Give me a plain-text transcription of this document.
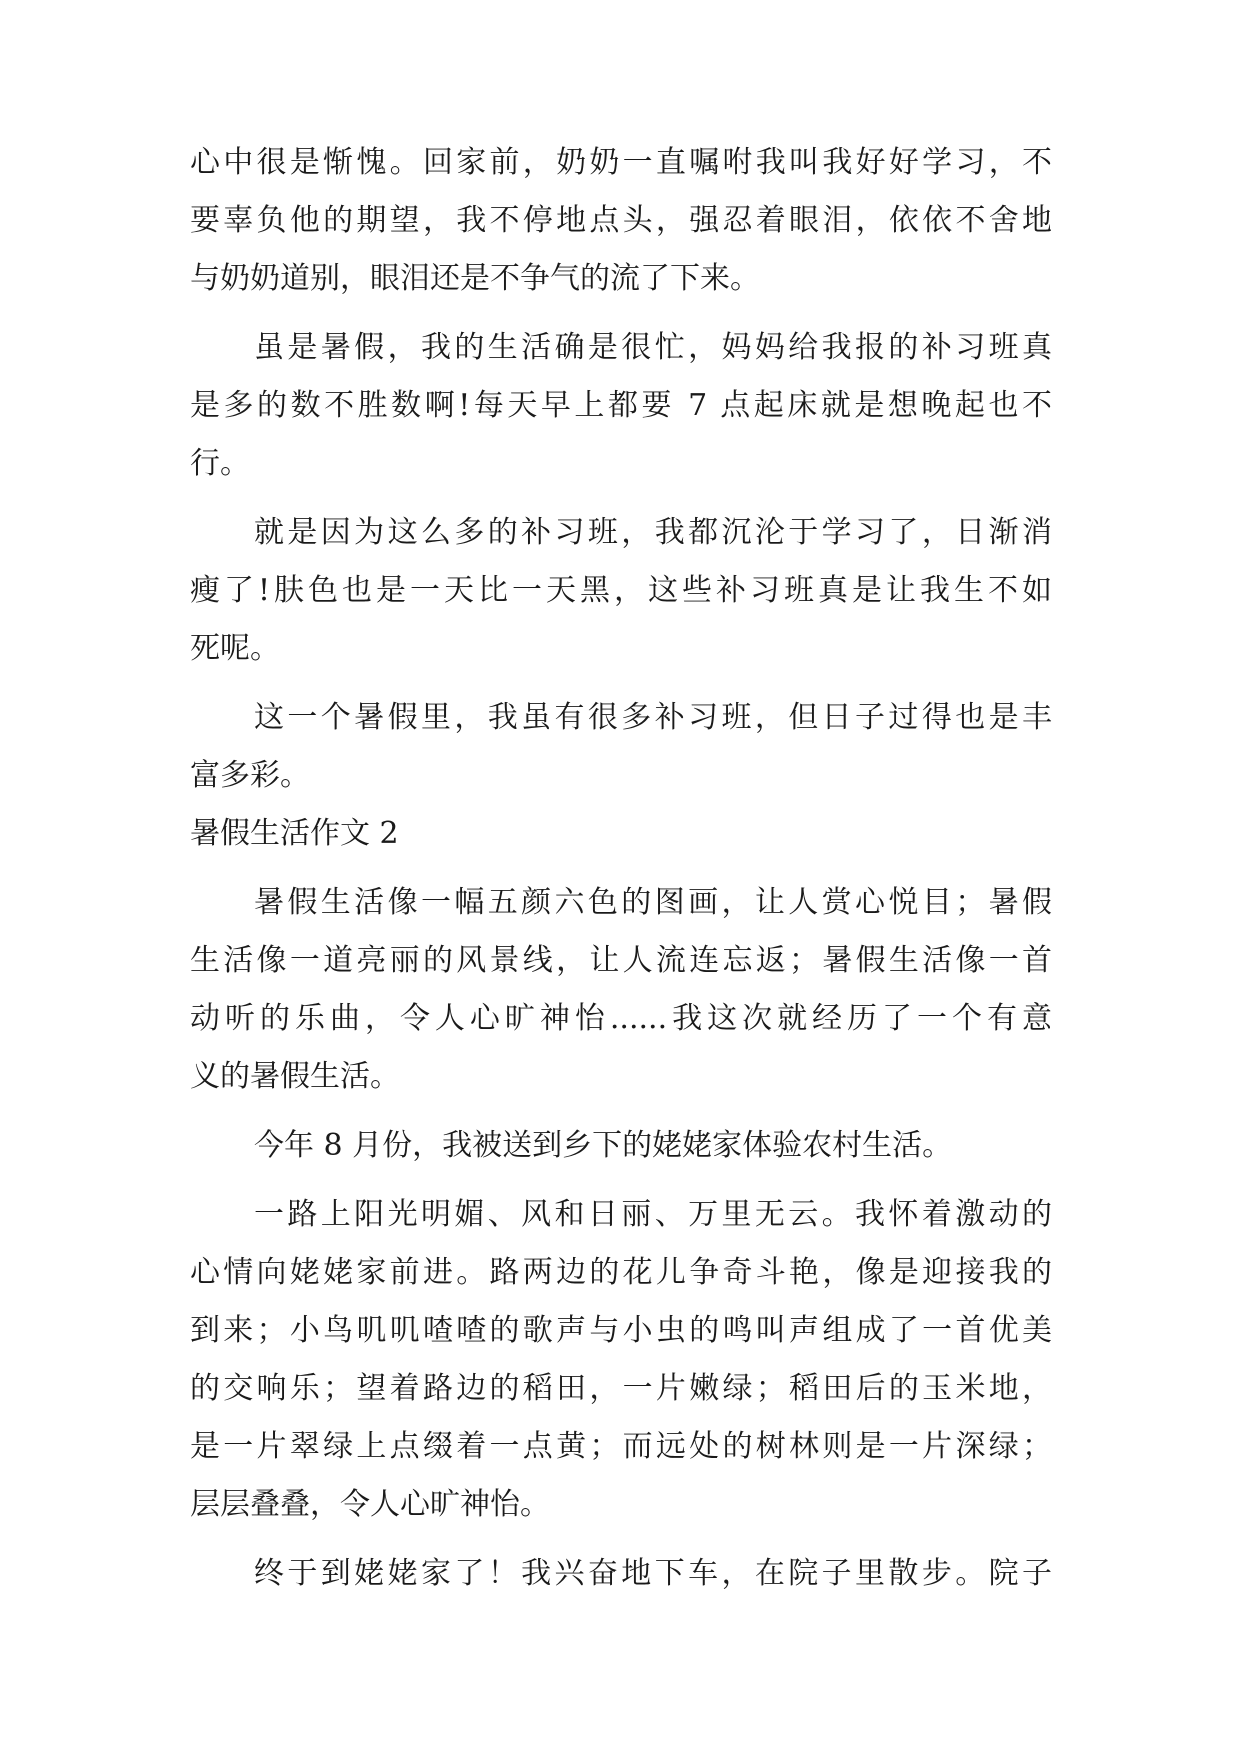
心中很是惭愧。回家前，奶奶一直嘱咐我叫我好好学习，不
要辜负他的期望，我不停地点头，强忍着眼泪，依依不舍地
与奶奶道别，眼泪还是不争气的流了下来。
虽是暑假，我的生活确是很忙，妈妈给我报的补习班真
是多的数不胜数啊!每天早上都要 7 点起床就是想晚起也不
行。
就是因为这么多的补习班，我都沉沦于学习了，日渐消
瘦了!肤色也是一天比一天黑，这些补习班真是让我生不如
死呢。
这一个暑假里，我虽有很多补习班，但日子过得也是丰
富多彩。
暑假生活作文 2
暑假生活像一幅五颜六色的图画，让人赏心悦目；暑假
生活像一道亮丽的风景线，让人流连忘返；暑假生活像一首
动听的乐曲，令人心旷神怡......我这次就经历了一个有意
义的暑假生活。
今年 8 月份，我被送到乡下的姥姥家体验农村生活。
一路上阳光明媚、风和日丽、万里无云。我怀着激动的
心情向姥姥家前进。路两边的花儿争奇斗艳，像是迎接我的
到来；小鸟叽叽喳喳的歌声与小虫的鸣叫声组成了一首优美
的交响乐；望着路边的稻田，一片嫩绿；稻田后的玉米地，
是一片翠绿上点缀着一点黄；而远处的树林则是一片深绿；
层层叠叠，令人心旷神怡。
终于到姥姥家了！我兴奋地下车，在院子里散步。院子
